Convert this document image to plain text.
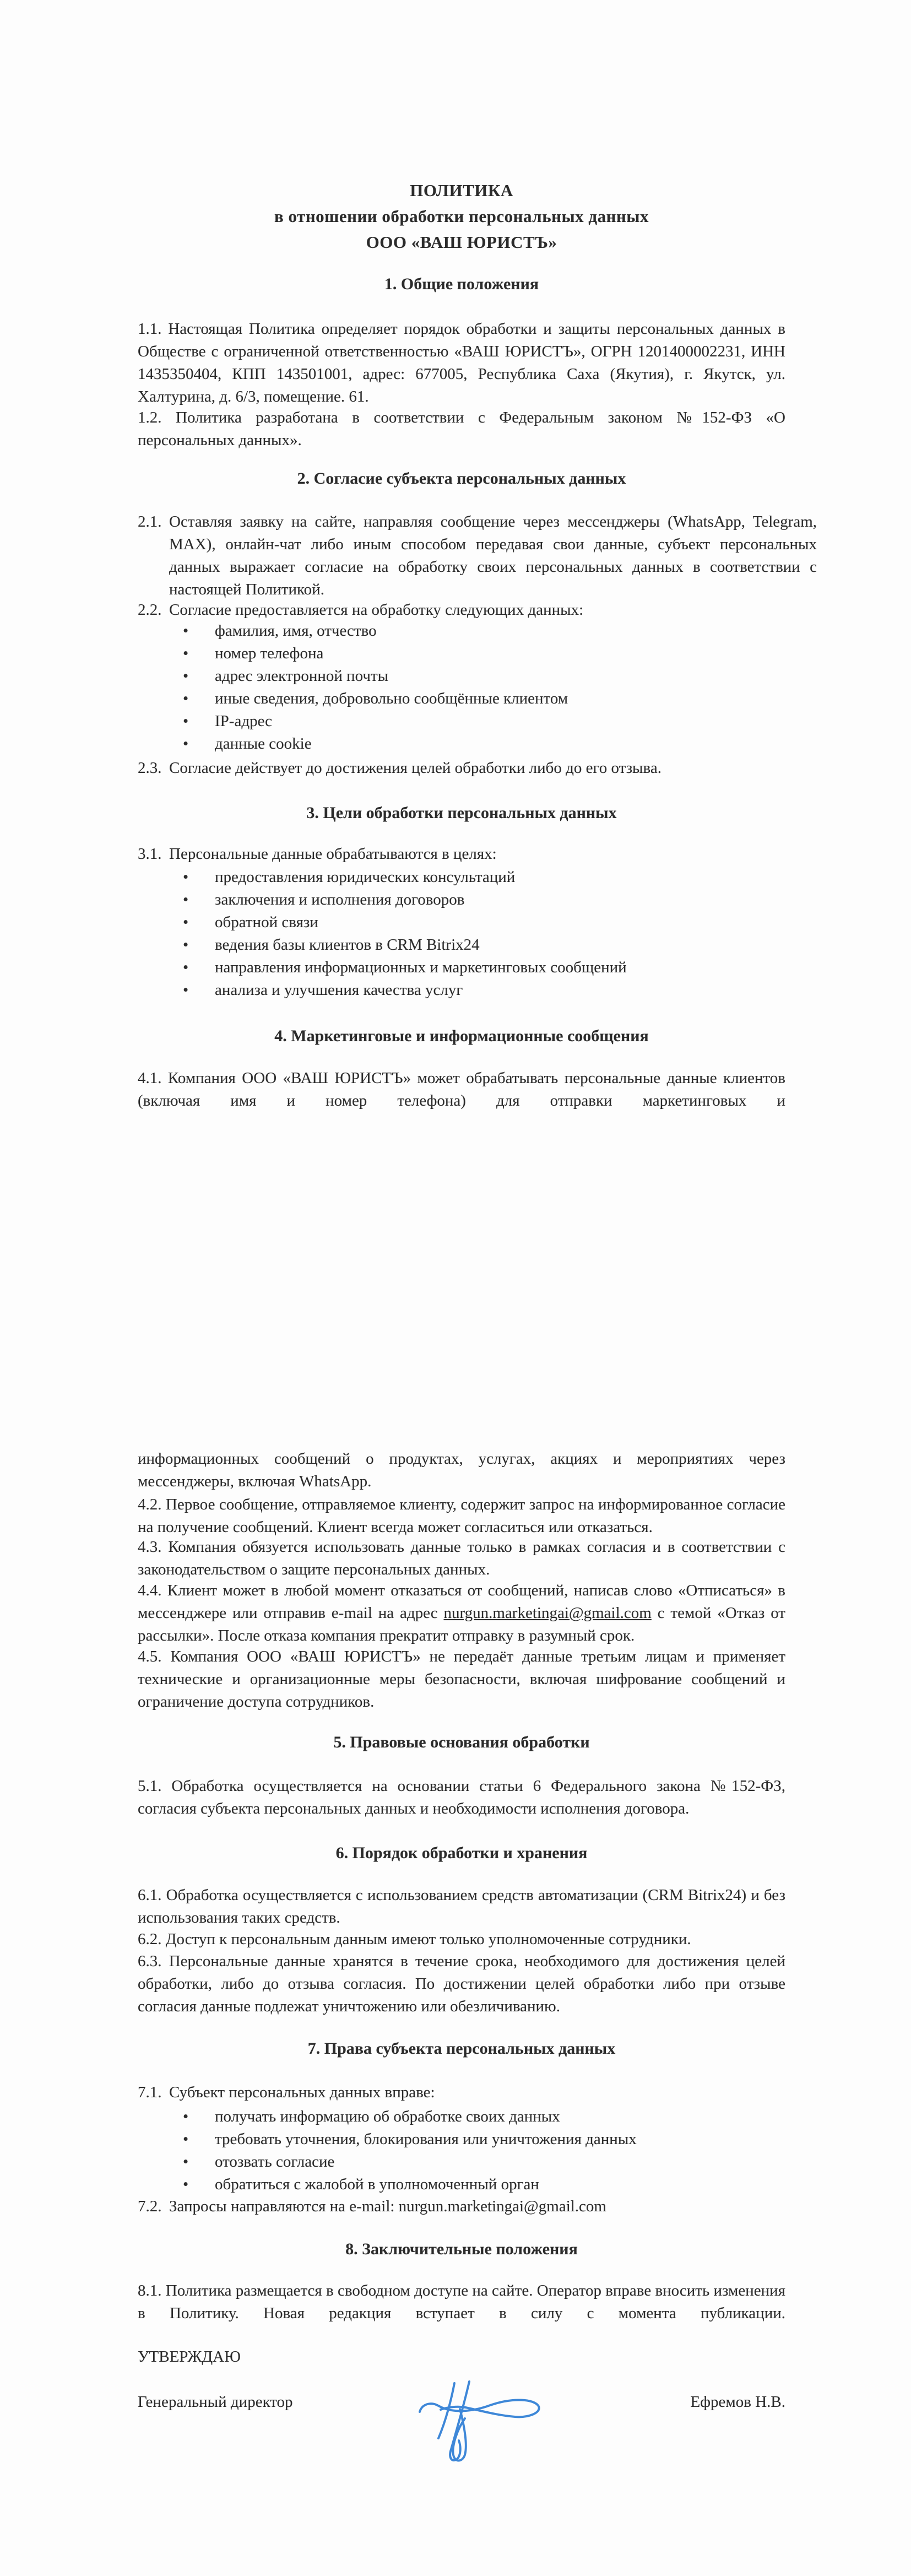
ПОЛИТИКА
в отношении обработки персональных данных
ООО «ВАШ ЮРИСТЪ»
1. Общие положения
1.1. Настоящая Политика определяет порядок обработки и защиты персональных данных в Обществе с ограниченной ответственностью «ВАШ ЮРИСТЪ», ОГРН 1201400002231, ИНН 1435350404, КПП 143501001, адрес: 677005, Республика Саха (Якутия), г. Якутск, ул. Халтурина, д. 6/3, помещение. 61.
1.2. Политика разработана в соответствии с Федеральным законом №152-ФЗ «О персональных данных».
2. Согласие субъекта персональных данных
2.1. Оставляя заявку на сайте, направляя сообщение через мессенджеры (WhatsApp, Telegram, MAX), онлайн-чат либо иным способом передавая свои данные, субъект персональных данных выражает согласие на обработку своих персональных данных в соответствии с настоящей Политикой.
2.2. Согласие предоставляется на обработку следующих данных:
• фамилия, имя, отчество
• номер телефона
• адрес электронной почты
• иные сведения, добровольно сообщённые клиентом
• IP-адрес
• данные cookie
2.3. Согласие действует до достижения целей обработки либо до его отзыва.
3. Цели обработки персональных данных
3.1. Персональные данные обрабатываются в целях:
• предоставления юридических консультаций
• заключения и исполнения договоров
• обратной связи
• ведения базы клиентов в CRM Bitrix24
• направления информационных и маркетинговых сообщений
• анализа и улучшения качества услуг
4. Маркетинговые и информационные сообщения
4.1. Компания ООО «ВАШ ЮРИСТЪ» может обрабатывать персональные данные клиентов (включая имя и номер телефона) для отправки маркетинговых и
информационных сообщений о продуктах, услугах, акциях и мероприятиях через мессенджеры, включая WhatsApp.
4.2. Первое сообщение, отправляемое клиенту, содержит запрос на информированное согласие на получение сообщений. Клиент всегда может согласиться или отказаться.
4.3. Компания обязуется использовать данные только в рамках согласия и в соответствии с законодательством о защите персональных данных.
4.4. Клиент может в любой момент отказаться от сообщений, написав слово «Отписаться» в мессенджере или отправив e-mail на адрес nurgun.marketingai@gmail.com с темой «Отказ от рассылки». После отказа компания прекратит отправку в разумный срок.
4.5. Компания ООО «ВАШ ЮРИСТЪ» не передаёт данные третьим лицам и применяет технические и организационные меры безопасности, включая шифрование сообщений и ограничение доступа сотрудников.
5. Правовые основания обработки
5.1. Обработка осуществляется на основании статьи 6 Федерального закона №152-ФЗ, согласия субъекта персональных данных и необходимости исполнения договора.
6. Порядок обработки и хранения
6.1. Обработка осуществляется с использованием средств автоматизации (CRM Bitrix24) и без использования таких средств.
6.2. Доступ к персональным данным имеют только уполномоченные сотрудники.
6.3. Персональные данные хранятся в течение срока, необходимого для достижения целей обработки, либо до отзыва согласия. По достижении целей обработки либо при отзыве согласия данные подлежат уничтожению или обезличиванию.
7. Права субъекта персональных данных
7.1. Субъект персональных данных вправе:
• получать информацию об обработке своих данных
• требовать уточнения, блокирования или уничтожения данных
• отозвать согласие
• обратиться с жалобой в уполномоченный орган
7.2. Запросы направляются на e-mail: nurgun.marketingai@gmail.com
8. Заключительные положения
8.1. Политика размещается в свободном доступе на сайте. Оператор вправе вносить изменения в Политику. Новая редакция вступает в силу с момента публикации.
УТВЕРЖДАЮ
Генеральный директор	Ефремов Н.В.
